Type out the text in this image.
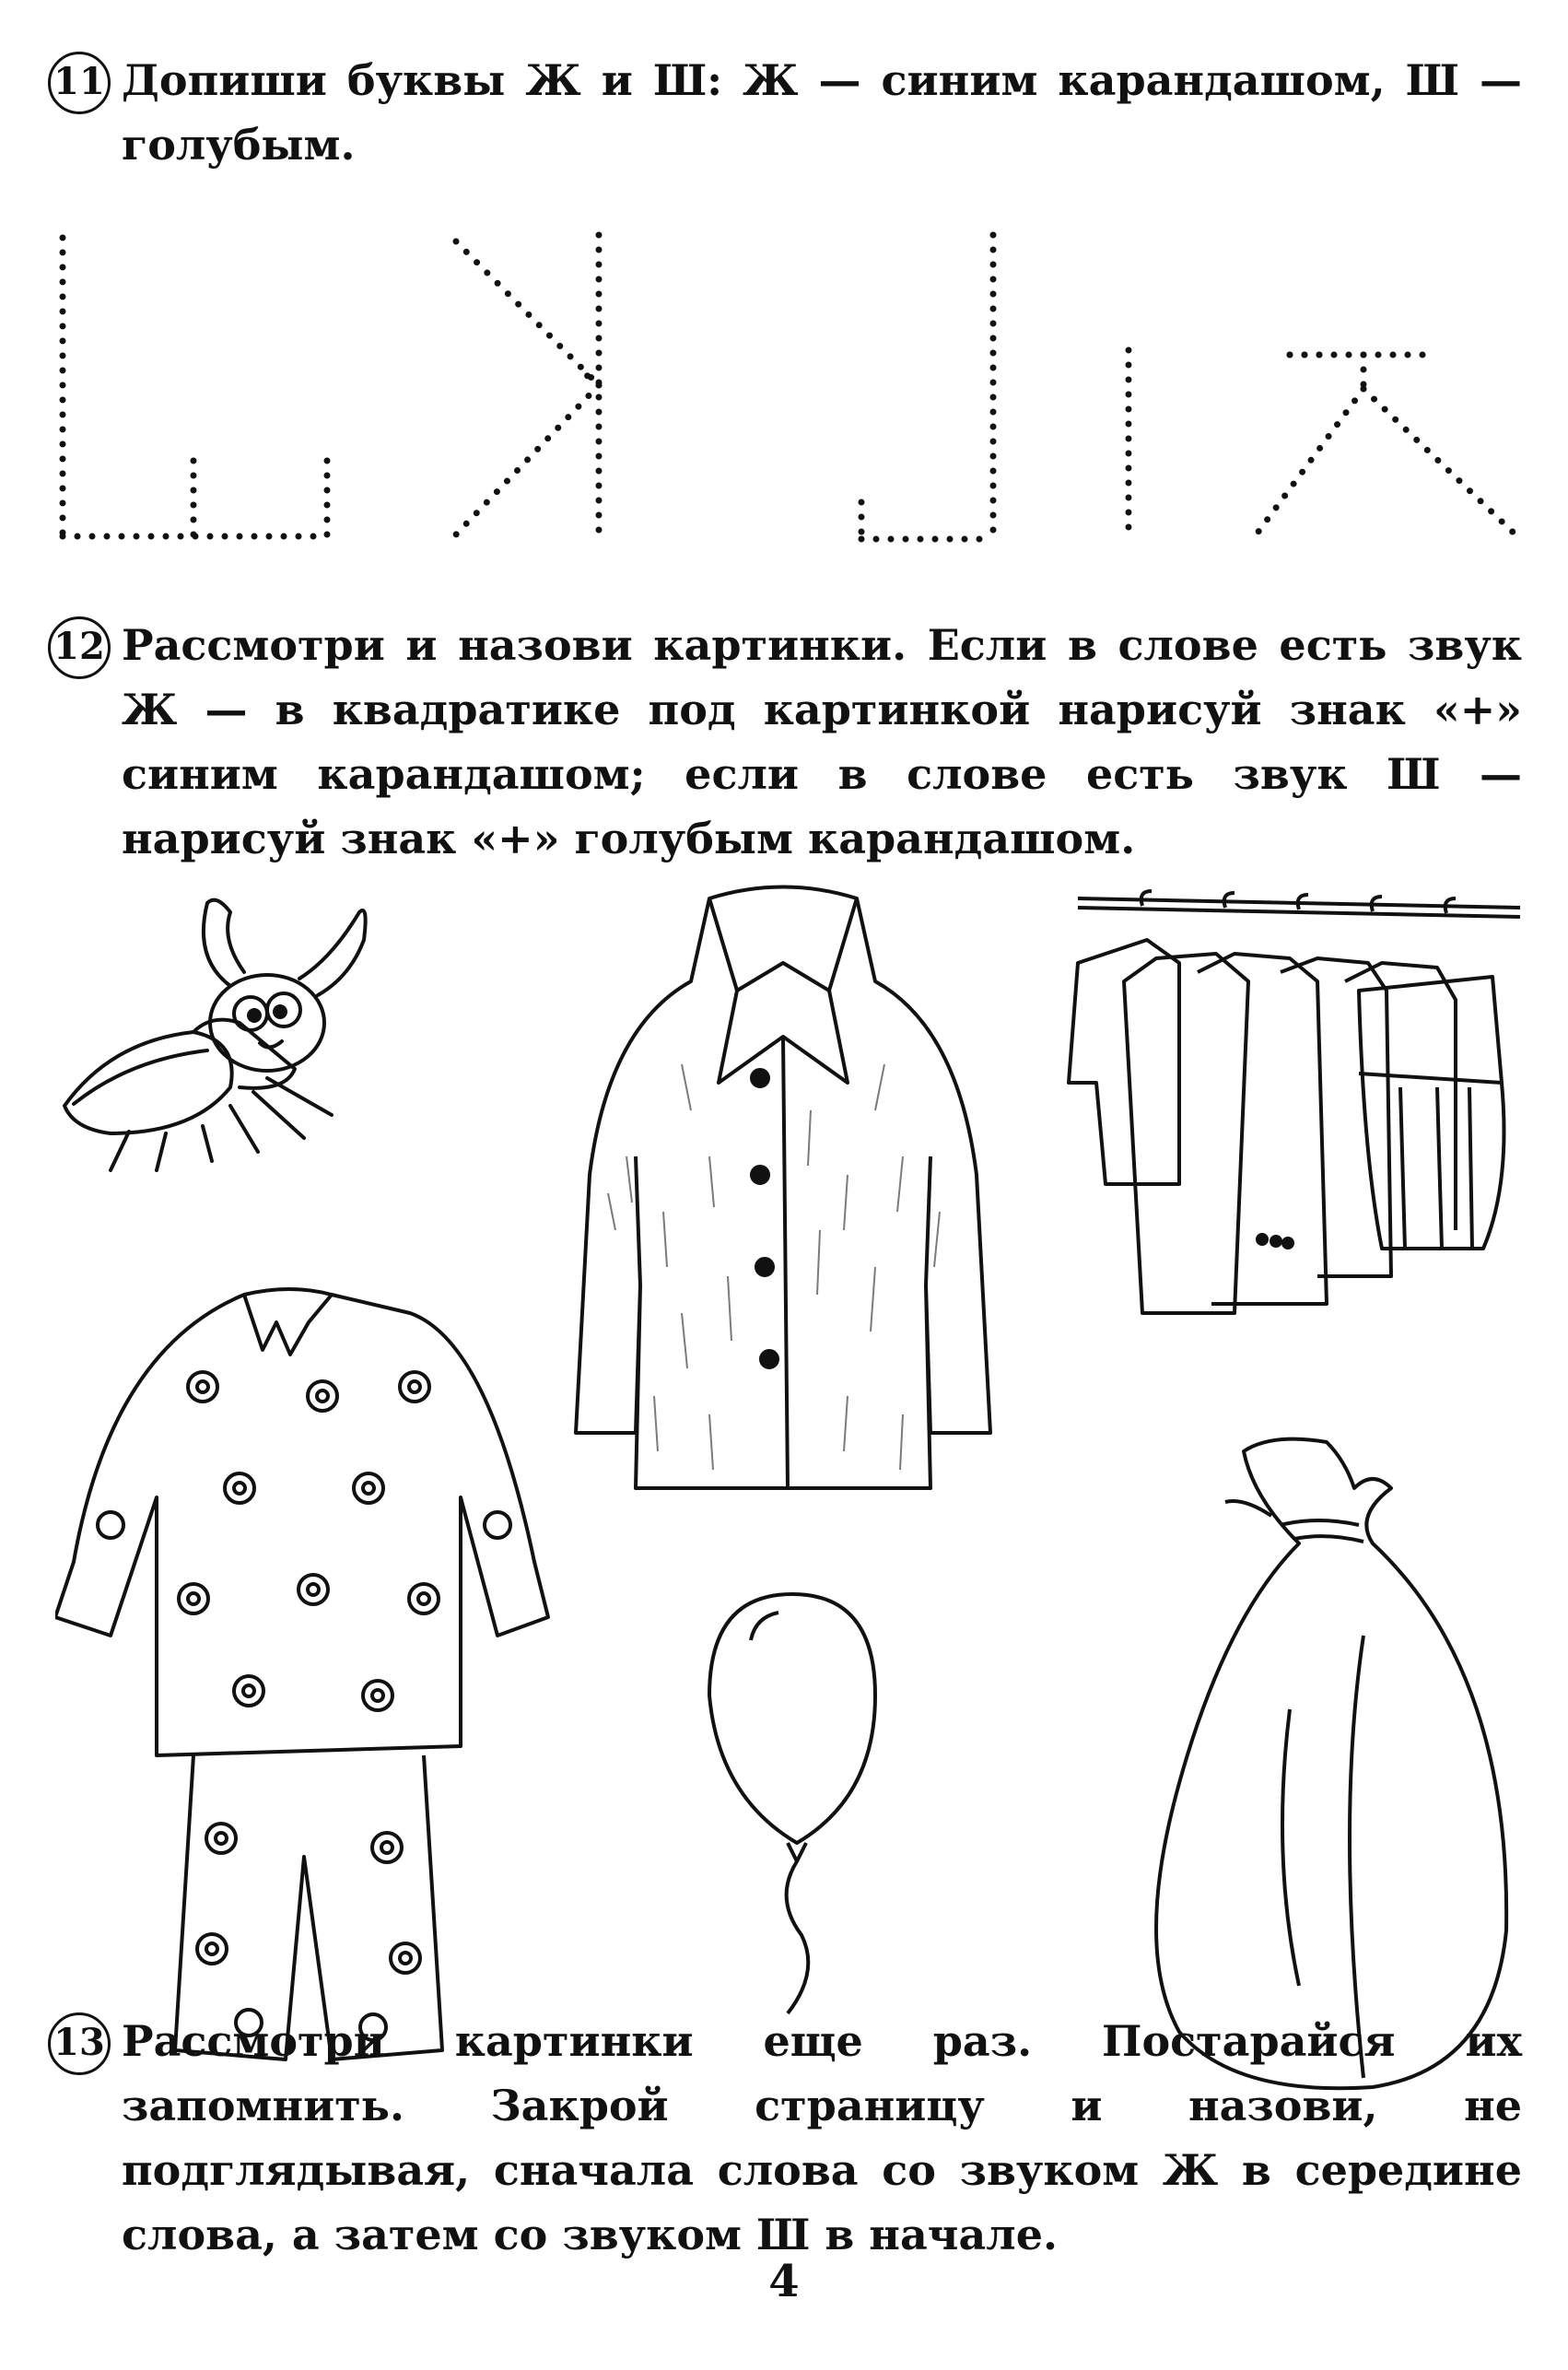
11 Допиши буквы Ж и Ш: Ж — синим карандашом, Ш — голубым.
12 Рассмотри и назови картинки. Если в слове есть звук Ж — в квадратике под картинкой нарисуй знак «+» синим карандашом; если в слове есть звук Ш — нарисуй знак «+» голубым карандашом.
13 Рассмотри картинки еще раз. Постарайся их запомнить. Закрой страницу и назови, не подглядывая, сначала слова со звуком Ж в середине слова, а затем со звуком Ш в начале.
4
